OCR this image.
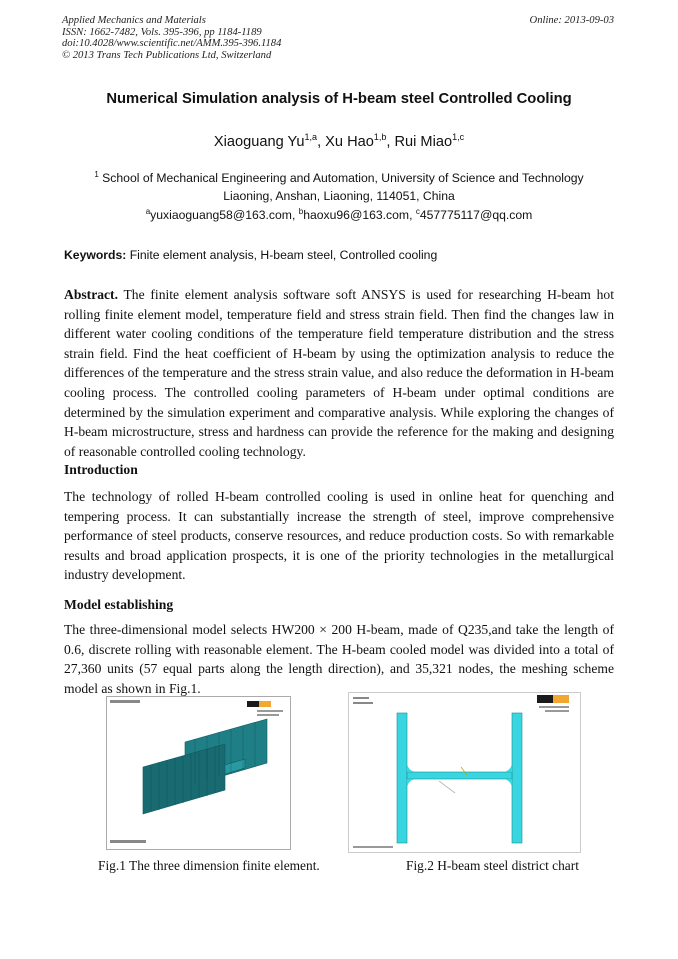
Applied Mechanics and Materials
ISSN: 1662-7482, Vols. 395-396, pp 1184-1189
doi:10.4028/www.scientific.net/AMM.395-396.1184
© 2013 Trans Tech Publications Ltd, Switzerland
Online: 2013-09-03
Numerical Simulation analysis of H-beam steel Controlled Cooling
Xiaoguang Yu$^{1,a}$, Xu Hao$^{1,b}$, Rui Miao$^{1,c}$
$^1$ School of Mechanical Engineering and Automation, University of Science and Technology
Liaoning, Anshan, Liaoning, 114051, China
$^a$yuxiaoguang58@163.com, $^b$haoxu96@163.com, $^c$457775117@qq.com
Keywords: Finite element analysis, H-beam steel, Controlled cooling

Abstract. The finite element analysis software soft ANSYS is used for researching H-beam hot rolling finite element model, temperature field and stress strain field. Then find the changes law in different water cooling conditions of the temperature field temperature distribution and the stress strain field. Find the heat coefficient of H-beam by using the optimization analysis to reduce the differences of the temperature and the stress strain value, and also reduce the deformation in H-beam cooling process. The controlled cooling parameters of H-beam under optimal conditions are determined by the simulation experiment and comparative analysis. While exploring the changes of H-beam microstructure, stress and hardness can provide the reference for the making and designing of reasonable controlled cooling technology.

Introduction

The technology of rolled H-beam controlled cooling is used in online heat for quenching and tempering process. It can substantially increase the strength of steel, improve comprehensive performance of steel products, conserve resources, and reduce production costs. So with remarkable results and broad application prospects, it is one of the priority technologies in the metallurgical industry development.

Model establishing

The three-dimensional model selects HW200 × 200 H-beam, made of Q235,and take the length of 0.6, discrete rolling with reasonable element. The H-beam cooled model was divided into a total of 27,360 units (57 equal parts along the length direction), and 35,321 nodes, the meshing scheme model as shown in Fig.1.

Fig.1 The three dimension finite element.	Fig.2 H-beam steel district chart
